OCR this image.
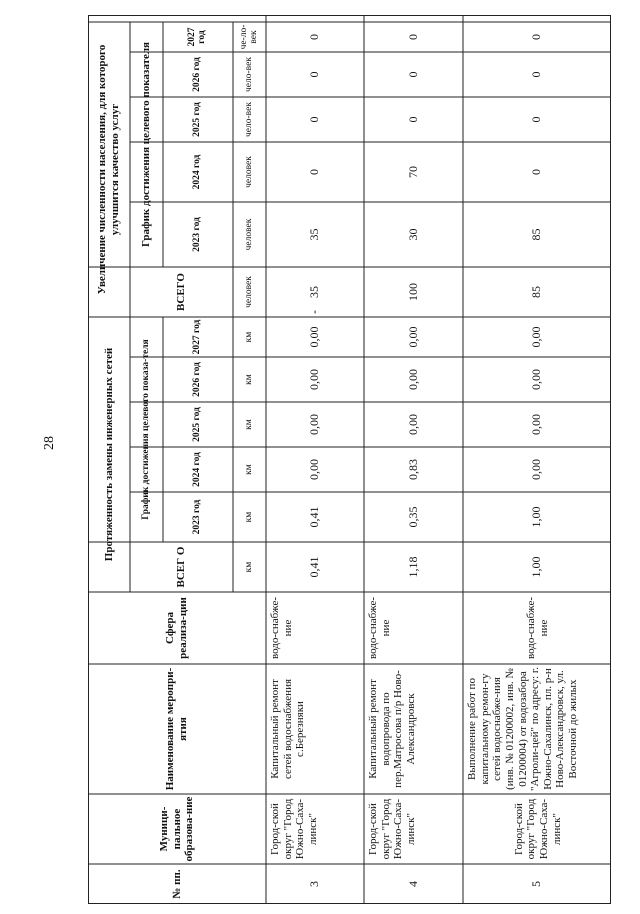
28
№ пп.
Муници-пальное образова-ние
Наименование меропри-ятия
Сфера реализа-ции
Протяженность замены инженерных сетей
ВСЕГ О
График достижения целевого показа-теля	2023 год
2024 год
2025 год
2026 год
2027 год
км
км
км
км
км
км
Увеличение численности населения, для которого улучшится качество услуг
ВСЕГО
График достижения целевого показателя	2023 год
2024 год
2025 год
2026 год
2027 год
человек
человек
человек
чело-век
чело-век
че-ло-век
3
Город-ской округ "Город Южно-Саха-линск"
Капитальный ремонт сетей водоснабжения с.Березняки
водо-снабже-ние
0,41
0,41
0,00
0,00
0,00
0,00
35
-
35
0
0
0
0
4
Город-ской округ "Город Южно-Саха-линск"
Капитальный ремонт водопровода по пер.Матросова п/р Ново-Александровск
водо-снабже-ние
1,18
0,35
0,83
0,00
0,00
0,00
100
30
70
0
0
0
5
Город-ской округ "Город Южно-Саха-линск"
Выполнение работ по капитальному ремон-гу сетей водоснабже-ния (инв. № 01200002, инв. № 01200004) от водозабора "Агроли-цей" по адресу: г. Южно-Сахалинск, пл. р-н Ново-Александровск, ул. Восточной до жилых
водо-снабже-ние
1,00
1,00
0,00
0,00
0,00
0,00
85
85
0
0
0
0
